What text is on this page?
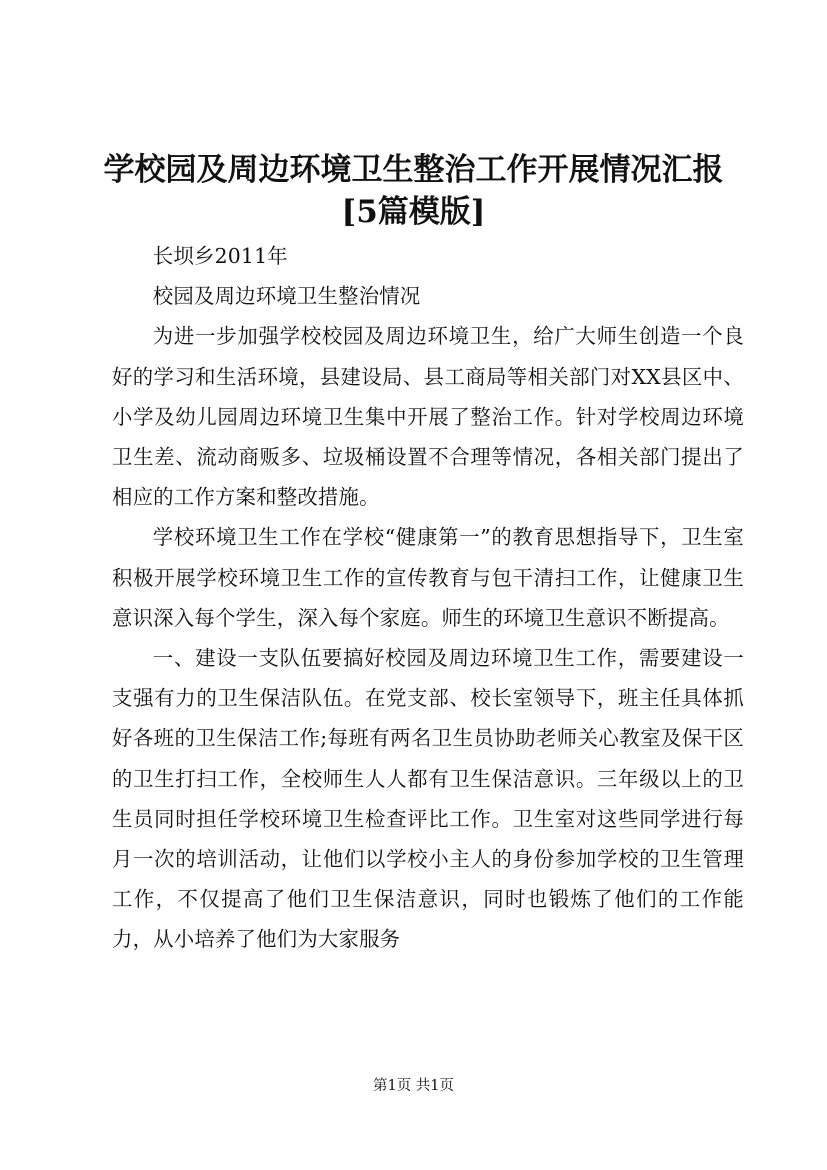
学校园及周边环境卫生整治工作开展情况汇报
[5篇模版]

长坝乡2011年

校园及周边环境卫生整治情况

为进一步加强学校校园及周边环境卫生，给广大师生创造一个良好的学习和生活环境，县建设局、县工商局等相关部门对XX县区中、小学及幼儿园周边环境卫生集中开展了整治工作。针对学校周边环境卫生差、流动商贩多、垃圾桶设置不合理等情况，各相关部门提出了相应的工作方案和整改措施。

学校环境卫生工作在学校“健康第一”的教育思想指导下，卫生室积极开展学校环境卫生工作的宣传教育与包干清扫工作，让健康卫生意识深入每个学生，深入每个家庭。师生的环境卫生意识不断提高。

一、建设一支队伍要搞好校园及周边环境卫生工作，需要建设一支强有力的卫生保洁队伍。在党支部、校长室领导下，班主任具体抓好各班的卫生保洁工作;每班有两名卫生员协助老师关心教室及保干区的卫生打扫工作，全校师生人人都有卫生保洁意识。三年级以上的卫生员同时担任学校环境卫生检查评比工作。卫生室对这些同学进行每月一次的培训活动，让他们以学校小主人的身份参加学校的卫生管理工作，不仅提高了他们卫生保洁意识，同时也锻炼了他们的工作能力，从小培养了他们为大家服务

第1页 共1页
